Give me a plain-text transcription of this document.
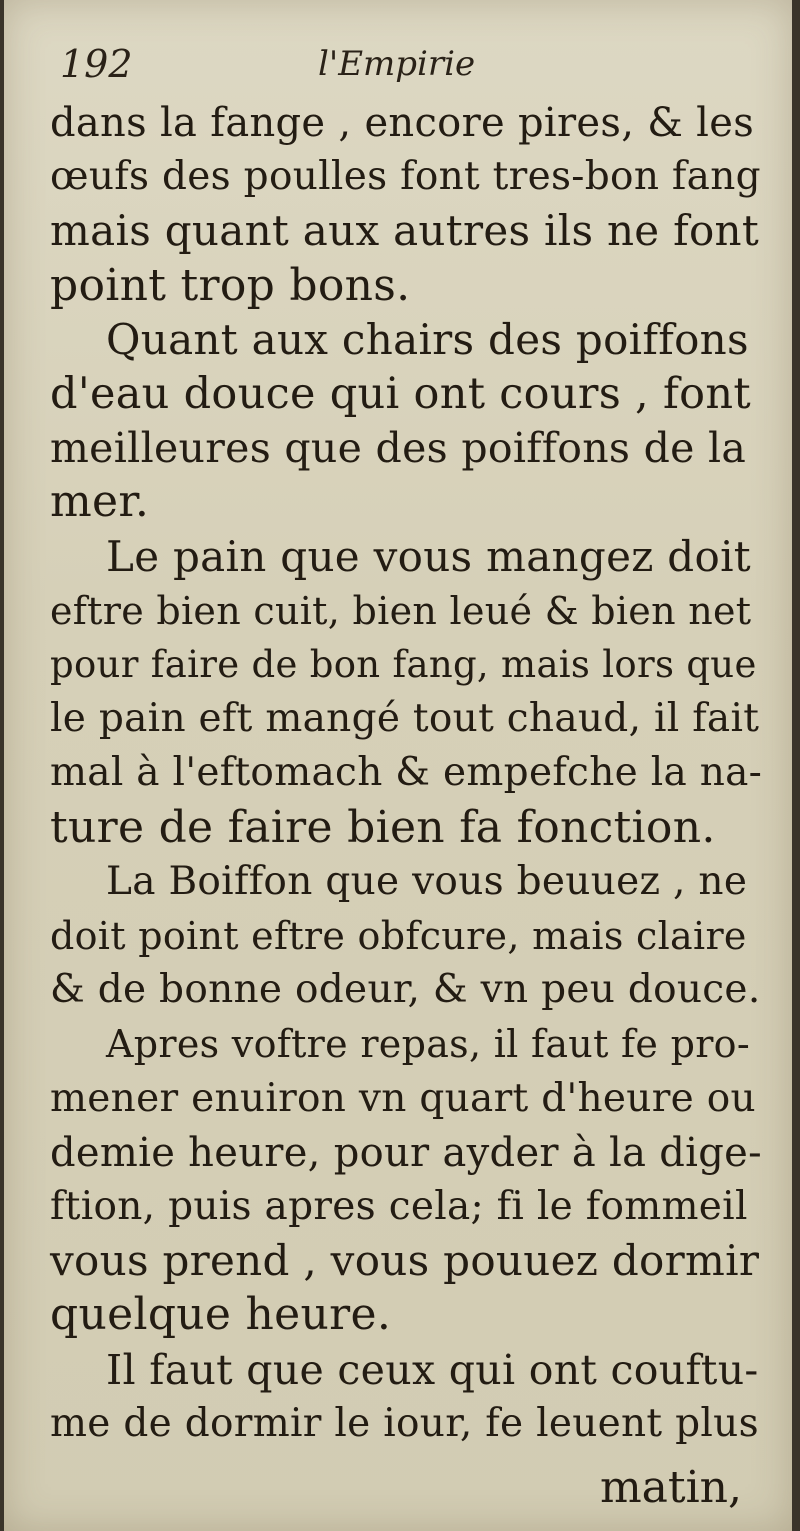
192	l'Empirie
dans la fange , encore pires, & les
œufs des poulles font tres-bon fang
mais quant aux autres ils ne font
point trop bons.
Quant aux chairs des poiffons
d'eau douce qui ont cours , font
meilleures que des poiffons de la
mer.
Le pain que vous mangez doit
eftre bien cuit, bien leué & bien net
pour faire de bon fang, mais lors que
le pain eft mangé tout chaud, il fait
mal à l'eftomach & empefche la na-
ture de faire bien fa fonction.
La Boiffon que vous beuuez , ne
doit point eftre obfcure, mais claire
& de bonne odeur, & vn peu douce.
Apres voftre repas, il faut fe pro-
mener enuiron vn quart d'heure ou
demie heure, pour ayder à la dige-
ftion, puis apres cela; fi le fommeil
vous prend , vous pouuez dormir
quelque heure.
Il faut que ceux qui ont couftu-
me de dormir le iour, fe leuent plus
matin,
